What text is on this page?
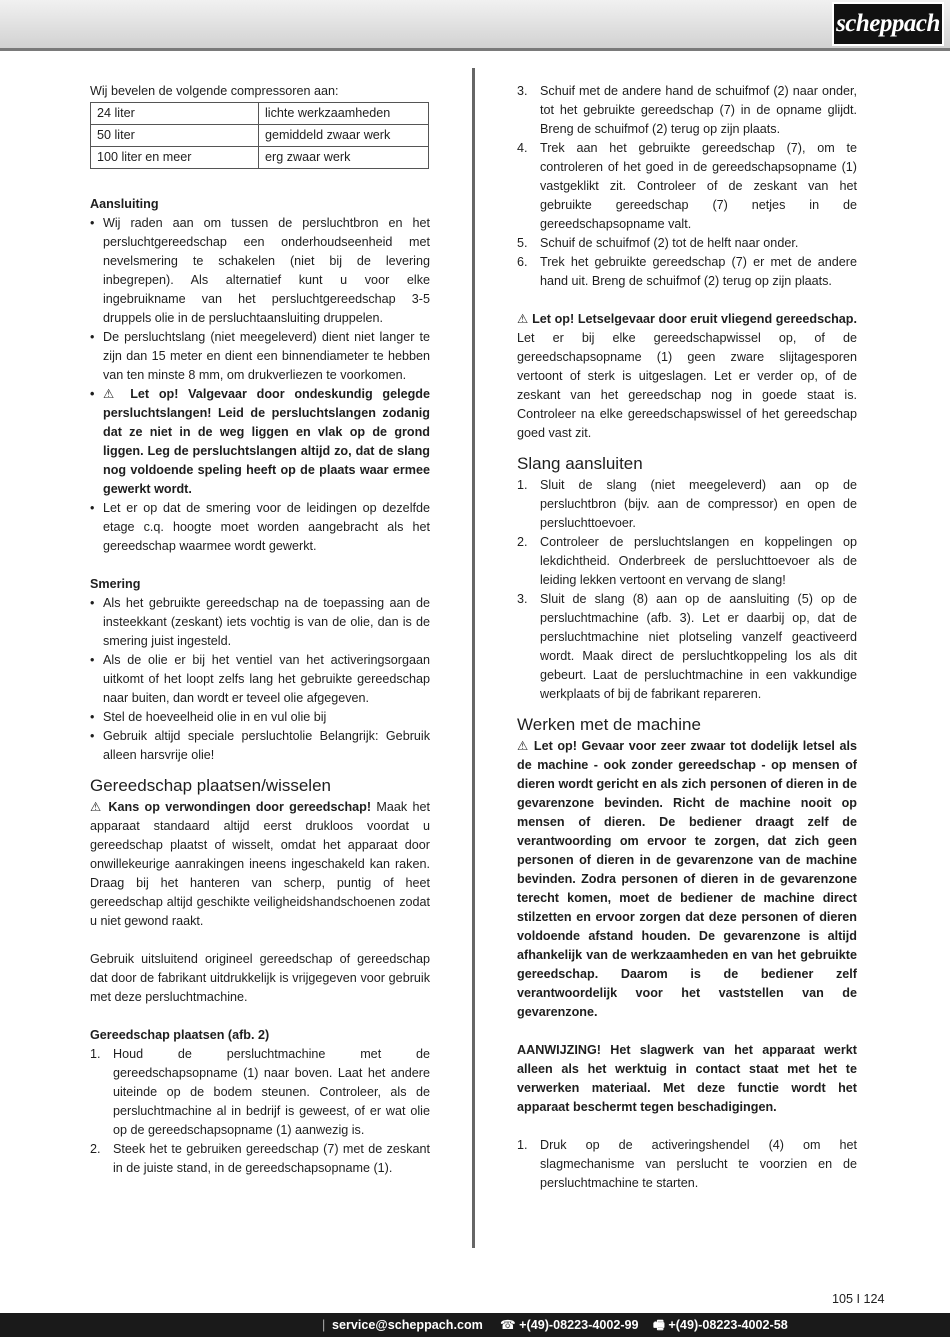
scheppach

Wij bevelen de volgende compressoren aan:

24 liter	lichte werkzaamheden
50 liter	gemiddeld zwaar werk
100 liter en meer	erg zwaar werk

Aansluiting

• Wij raden aan om tussen de persluchtbron en het persluchtgereedschap een onderhoudseenheid met nevelsmering te schakelen (niet bij de levering inbegrepen). Als alternatief kunt u voor elke ingebruikname van het persluchtgereedschap 3-5 druppels olie in de persluchtaansluiting druppelen.
• De persluchtslang (niet meegeleverd) dient niet langer te zijn dan 15 meter en dient een binnendiameter te hebben van ten minste 8 mm, om drukverliezen te voorkomen.
• ⚠ Let op! Valgevaar door ondeskundig gelegde persluchtslangen! Leid de persluchtslangen zodanig dat ze niet in de weg liggen en vlak op de grond liggen. Leg de persluchtslangen altijd zo, dat de slang nog voldoende speling heeft op de plaats waar ermee gewerkt wordt.
• Let er op dat de smering voor de leidingen op dezelfde etage c.q. hoogte moet worden aangebracht als het gereedschap waarmee wordt gewerkt.

Smering

• Als het gebruikte gereedschap na de toepassing aan de insteekkant (zeskant) iets vochtig is van de olie, dan is de smering juist ingesteld.
• Als de olie er bij het ventiel van het activeringsorgaan uitkomt of het loopt zelfs lang het gebruikte gereedschap naar buiten, dan wordt er teveel olie afgegeven.
• Stel de hoeveelheid olie in en vul olie bij
• Gebruik altijd speciale persluchtolie Belangrijk: Gebruik alleen harsvrije olie!
Gereedschap plaatsen/wisselen

⚠ Kans op verwondingen door gereedschap! Maak het apparaat standaard altijd eerst drukloos voordat u gereedschap plaatst of wisselt, omdat het apparaat door onwillekeurige aanrakingen ineens ingeschakeld kan raken. Draag bij het hanteren van scherp, puntig of heet gereedschap altijd geschikte veiligheidshandschoenen zodat u niet gewond raakt.

Gebruik uitsluitend origineel gereedschap of gereedschap dat door de fabrikant uitdrukkelijk is vrijgegeven voor gebruik met deze persluchtmachine.

Gereedschap plaatsen (afb. 2)

1. Houd de persluchtmachine met de gereedschapsopname (1) naar boven. Laat het andere uiteinde op de bodem steunen. Controleer, als de persluchtmachine al in bedrijf is geweest, of er wat olie op de gereedschapsopname (1) aanwezig is.
2. Steek het te gebruiken gereedschap (7) met de zeskant in de juiste stand, in de gereedschapsopname (1).
3. Schuif met de andere hand de schuifmof (2) naar onder, tot het gebruikte gereedschap (7) in de opname glijdt. Breng de schuifmof (2) terug op zijn plaats.
4. Trek aan het gebruikte gereedschap (7), om te controleren of het goed in de gereedschapsopname (1) vastgeklikt zit. Controleer of de zeskant van het gebruikte gereedschap (7) netjes in de gereedschapsopname valt.
5. Schuif de schuifmof (2) tot de helft naar onder.
6. Trek het gebruikte gereedschap (7) er met de andere hand uit. Breng de schuifmof (2) terug op zijn plaats.

⚠ Let op! Letselgevaar door eruit vliegend gereedschap. Let er bij elke gereedschapwissel op, of de gereedschapsopname (1) geen zware slijtagesporen vertoont of sterk is uitgeslagen. Let er verder op, of de zeskant van het gereedschap nog in goede staat is. Controleer na elke gereedschapswissel of het gereedschap goed vast zit.

Slang aansluiten
1. Sluit de slang (niet meegeleverd) aan op de persluchtbron (bijv. aan de compressor) en open de persluchttoevoer.
2. Controleer de persluchtslangen en koppelingen op lekdichtheid. Onderbreek de persluchttoevoer als de leiding lekken vertoont en vervang de slang!
3. Sluit de slang (8) aan op de aansluiting (5) op de persluchtmachine (afb. 3). Let er daarbij op, dat de persluchtmachine niet plotseling vanzelf geactiveerd wordt. Maak direct de persluchtkoppeling los als dit gebeurt. Laat de persluchtmachine in een vakkundige werkplaats of bij de fabrikant repareren.
Werken met de machine

⚠ Let op! Gevaar voor zeer zwaar tot dodelijk letsel als de machine - ook zonder gereedschap - op mensen of dieren wordt gericht en als zich personen of dieren in de gevarenzone bevinden. Richt de machine nooit op mensen of dieren. De bediener draagt zelf de verantwoording om ervoor te zorgen, dat zich geen personen of dieren in de gevarenzone van de machine bevinden. Zodra personen of dieren in de gevarenzone terecht komen, moet de bediener de machine direct stilzetten en ervoor zorgen dat deze personen of dieren voldoende afstand houden. De gevarenzone is altijd afhankelijk van de werkzaamheden en van het gebruikte gereedschap. Daarom is de bediener zelf verantwoordelijk voor het vaststellen van de gevarenzone.

AANWIJZING! Het slagwerk van het apparaat werkt alleen als het werktuig in contact staat met het te verwerken materiaal. Met deze functie wordt het apparaat beschermt tegen beschadigingen.

1. Druk op de activeringshendel (4) om het slagmechanisme van perslucht te voorzien en de persluchtmachine te starten.
105 I 124
| service@scheppach.com ☎ +(49)-08223-4002-99 🖷 +(49)-08223-4002-58
